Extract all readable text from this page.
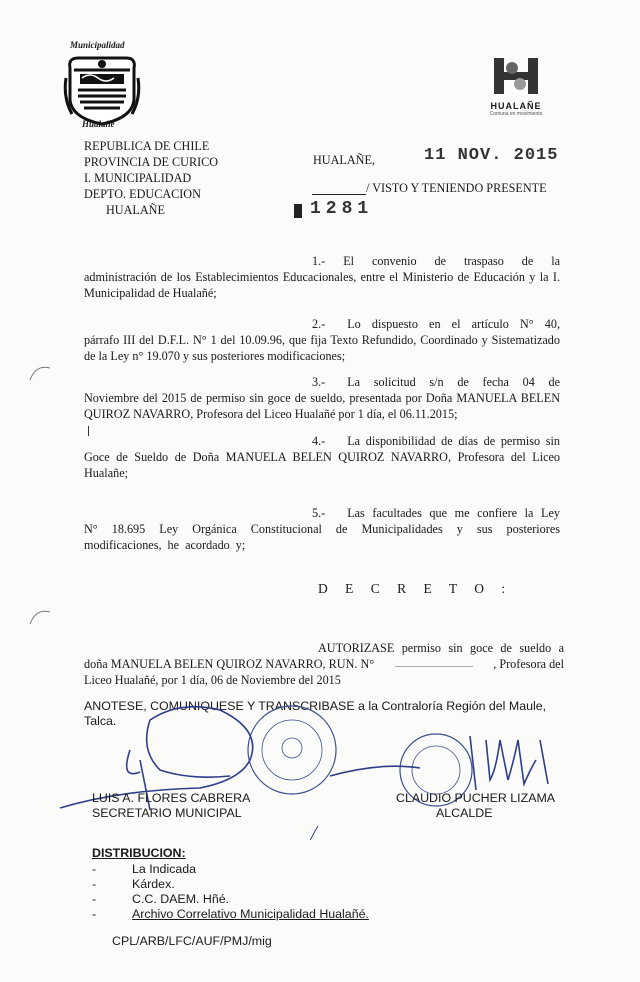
Municipalidad
Hualañé
HUALAÑE
Comuna en movimiento
REPUBLICA DE CHILE
PROVINCIA DE CURICO
I. MUNICIPALIDAD
DEPTO. EDUCACION
HUALAÑE
HUALAÑE,	11 NOV. 2015
/ VISTO Y TENIENDO PRESENTE
1281
1.- El convenio de traspaso de la
administración de los Establecimientos Educacionales, entre el Ministerio de Educación y la I. Municipalidad de Hualañé;
2.- Lo dispuesto en el artículo N° 40,
párrafo III del D.F.L. N° 1 del 10.09.96, que fija Texto Refundido, Coordinado y Sistematizado de la Ley n° 19.070 y sus posteriores modificaciones;
3.- La solicitud s/n de fecha 04 de
Noviembre del 2015 de permiso sin goce de sueldo, presentada por Doña MANUELA BELEN QUIROZ NAVARRO, Profesora del Liceo Hualañé por 1 día, el 06.11.2015;
4.- La disponibilidad de días de permiso sin
Goce de Sueldo de Doña MANUELA BELEN QUIROZ NAVARRO, Profesora del Liceo Hualañe;
5.- Las facultades que me confiere la Ley
N° 18.695 Ley Orgánica Constitucional de Municipalidades y sus posteriores modificaciones, he acordado y;
D E C R E T O :
AUTORIZASE permiso sin goce de sueldo a
doña MANUELA BELEN QUIROZ NAVARRO, RUN. N°	, Profesora del
Liceo Hualañé, por 1 día, 06 de Noviembre del 2015
ANOTESE, COMUNIQUESE Y TRANSCRIBASE a la Contraloría Región del Maule, Talca.
LUIS A. FLORES CABRERA
SECRETARIO MUNICIPAL
CLAUDIO PUCHER LIZAMA
ALCALDE
DISTRIBUCION:
-	La Indicada
-	Kárdex.
-	C.C. DAEM. Hñé.
-	Archivo Correlativo Municipalidad Hualañé.
CPL/ARB/LFC/AUF/PMJ/mig
